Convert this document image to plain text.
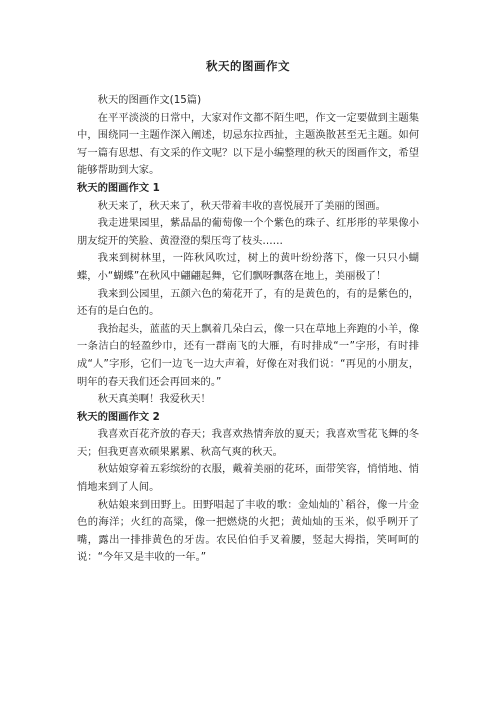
秋天的图画作文

秋天的图画作文(15篇)

在平平淡淡的日常中，大家对作文都不陌生吧，作文一定要做到主题集中，围绕同一主题作深入阐述，切忌东拉西扯，主题涣散甚至无主题。如何写一篇有思想、有文采的作文呢？以下是小编整理的秋天的图画作文，希望能够帮助到大家。

秋天的图画作文 1

秋天来了，秋天来了，秋天带着丰收的喜悦展开了美丽的图画。

我走进果园里，紫晶晶的葡萄像一个个紫色的珠子、红彤彤的苹果像小朋友绽开的笑脸、黄澄澄的梨压弯了枝头……

我来到树林里，一阵秋风吹过，树上的黄叶纷纷落下，像一只只小蝴蝶，小“蝴蝶”在秋风中翩翩起舞，它们飘呀飘落在地上，美丽极了！

我来到公园里，五颜六色的菊花开了，有的是黄色的，有的是紫色的，还有的是白色的。

我抬起头，蓝蓝的天上飘着几朵白云，像一只在草地上奔跑的小羊，像一条洁白的轻盈纱巾，还有一群南飞的大雁，有时排成“一”字形，有时排成“人”字形，它们一边飞一边大声着，好像在对我们说：“再见的小朋友，明年的春天我们还会再回来的。”

秋天真美啊！我爱秋天！

秋天的图画作文 2

我喜欢百花齐放的春天；我喜欢热情奔放的夏天；我喜欢雪花飞舞的冬天；但我更喜欢硕果累累、秋高气爽的秋天。

秋姑娘穿着五彩缤纷的衣服，戴着美丽的花环，面带笑容，悄悄地、悄悄地来到了人间。

秋姑娘来到田野上。田野唱起了丰收的歌：金灿灿的`稻谷，像一片金色的海洋；火红的高粱，像一把燃烧的火把；黄灿灿的玉米，似乎咧开了嘴，露出一排排黄色的牙齿。农民伯伯手叉着腰，竖起大拇指，笑呵呵的说：“今年又是丰收的一年。”
